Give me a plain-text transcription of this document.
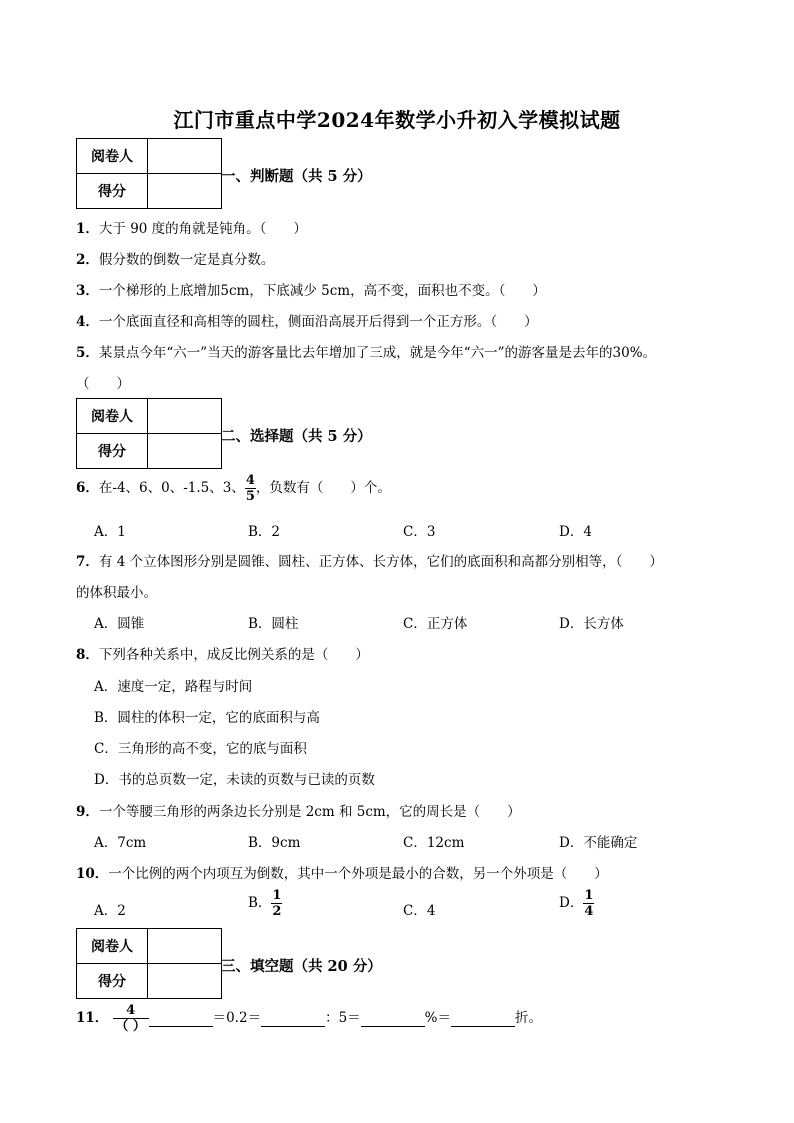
江门市重点中学2024年数学小升初入学模拟试题
阅卷人	
得分	
一、判断题（共 5 分）
1．大于 90 度的角就是钝角。（　　）
2．假分数的倒数一定是真分数。
3．一个梯形的上底增加5cm，下底减少 5cm，高不变，面积也不变。（　　）
4．一个底面直径和高相等的圆柱，侧面沿高展开后得到一个正方形。（　　）
5．某景点今年“六一”当天的游客量比去年增加了三成，就是今年“六一”的游客量是去年的30%。
（　　）
阅卷人	
得分	
二、选择题（共 5 分）
6．在-4、6、0、-1.5、3、 $\frac{4}{5}$ ，负数有（　　）个。
A．1	B．2	C．3	D．4
7．有 4 个立体图形分别是圆锥、圆柱、正方体、长方体，它们的底面积和高都分别相等，（　　）
的体积最小。
A．圆锥	B．圆柱	C．正方体	D．长方体
8．下列各种关系中，成反比例关系的是（　　）
A．速度一定，路程与时间
B．圆柱的体积一定，它的底面积与高
C．三角形的高不变，它的底与面积
D．书的总页数一定，未读的页数与已读的页数
9．一个等腰三角形的两条边长分别是 2cm 和 5cm，它的周长是（　　）
A．7cm	B．9cm	C．12cm	D．不能确定
10．一个比例的两个内项互为倒数，其中一个外项是最小的合数，另一个外项是（　　）
A．2	B． $\frac{1}{2}$	C．4	D． $\frac{1}{4}$
阅卷人	
得分	
三、填空题（共 20 分）
11． $\frac{4}{( )}$	＝0.2＝	：5＝	%＝	折。
